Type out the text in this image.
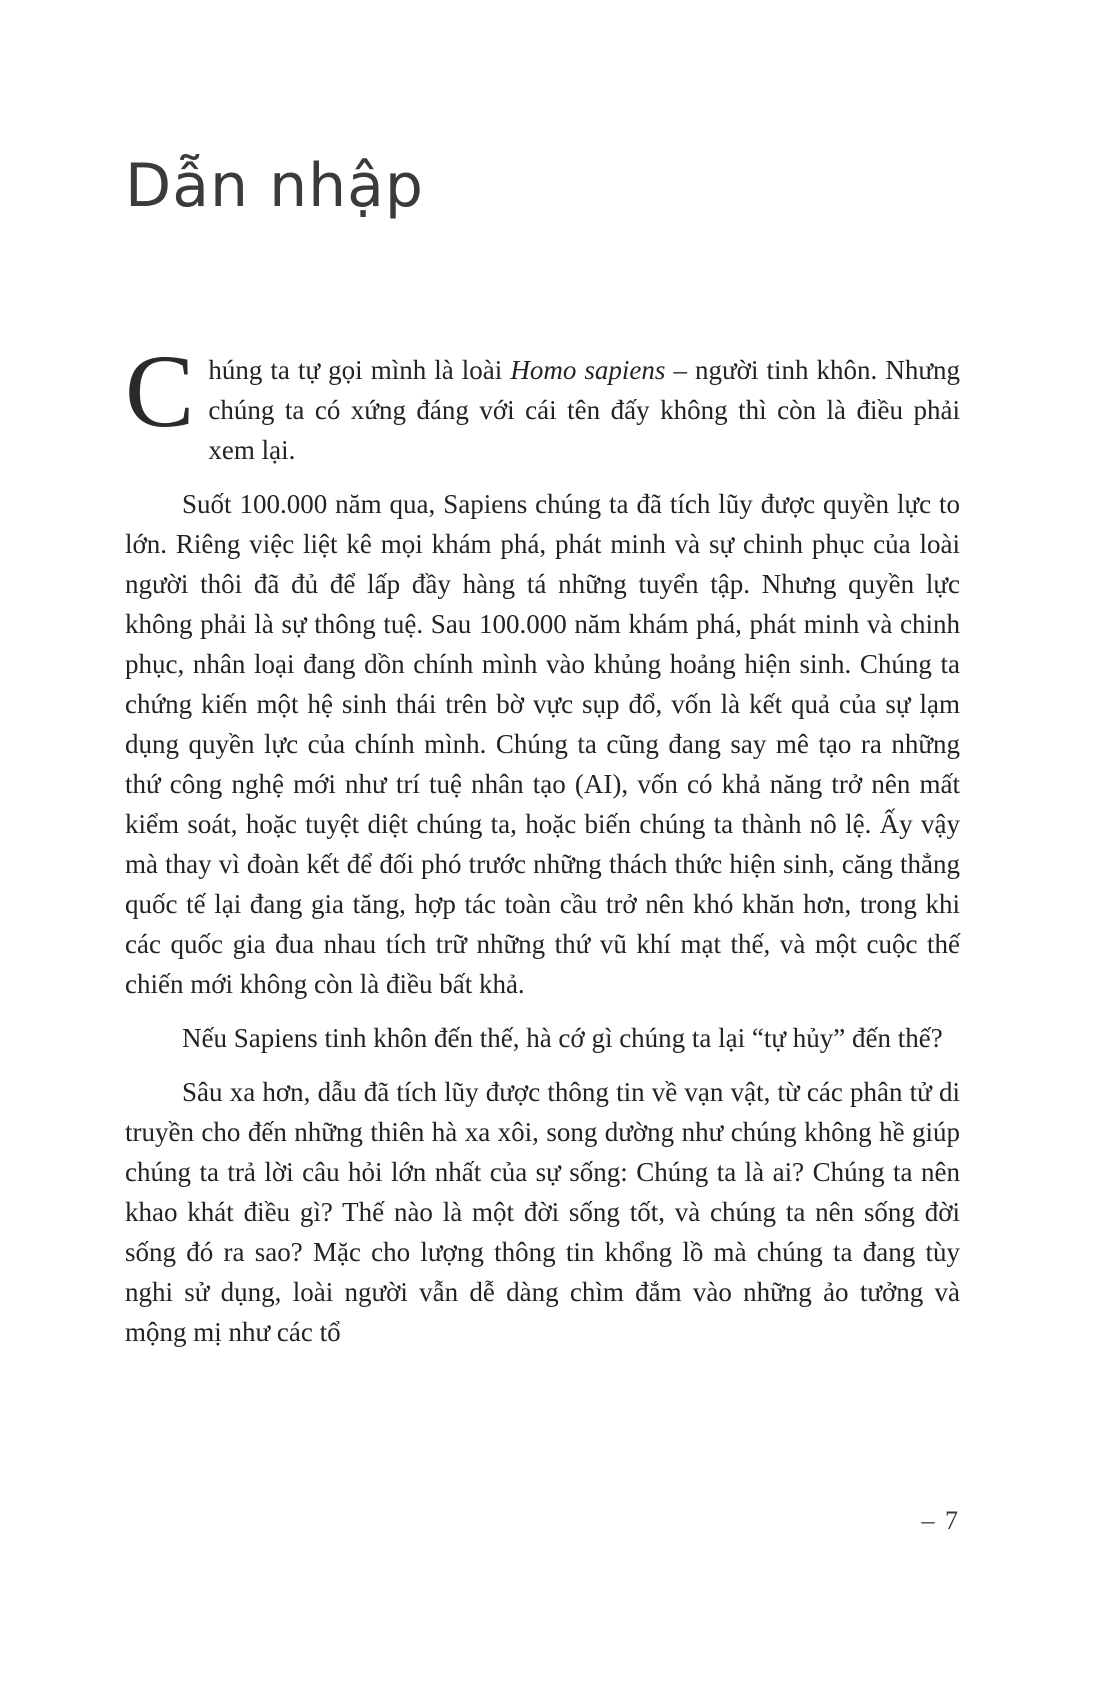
Dẫn nhập

Chúng ta tự gọi mình là loài Homo sapiens – người tinh khôn. Nhưng chúng ta có xứng đáng với cái tên đấy không thì còn là điều phải xem lại.

Suốt 100.000 năm qua, Sapiens chúng ta đã tích lũy được quyền lực to lớn. Riêng việc liệt kê mọi khám phá, phát minh và sự chinh phục của loài người thôi đã đủ để lấp đầy hàng tá những tuyển tập. Nhưng quyền lực không phải là sự thông tuệ. Sau 100.000 năm khám phá, phát minh và chinh phục, nhân loại đang dồn chính mình vào khủng hoảng hiện sinh. Chúng ta chứng kiến một hệ sinh thái trên bờ vực sụp đổ, vốn là kết quả của sự lạm dụng quyền lực của chính mình. Chúng ta cũng đang say mê tạo ra những thứ công nghệ mới như trí tuệ nhân tạo (AI), vốn có khả năng trở nên mất kiểm soát, hoặc tuyệt diệt chúng ta, hoặc biến chúng ta thành nô lệ. Ấy vậy mà thay vì đoàn kết để đối phó trước những thách thức hiện sinh, căng thẳng quốc tế lại đang gia tăng, hợp tác toàn cầu trở nên khó khăn hơn, trong khi các quốc gia đua nhau tích trữ những thứ vũ khí mạt thế, và một cuộc thế chiến mới không còn là điều bất khả.

Nếu Sapiens tinh khôn đến thế, hà cớ gì chúng ta lại “tự hủy” đến thế?

Sâu xa hơn, dẫu đã tích lũy được thông tin về vạn vật, từ các phân tử di truyền cho đến những thiên hà xa xôi, song dường như chúng không hề giúp chúng ta trả lời câu hỏi lớn nhất của sự sống: Chúng ta là ai? Chúng ta nên khao khát điều gì? Thế nào là một đời sống tốt, và chúng ta nên sống đời sống đó ra sao? Mặc cho lượng thông tin khổng lồ mà chúng ta đang tùy nghi sử dụng, loài người vẫn dễ dàng chìm đắm vào những ảo tưởng và mộng mị như các tổ

– 7
